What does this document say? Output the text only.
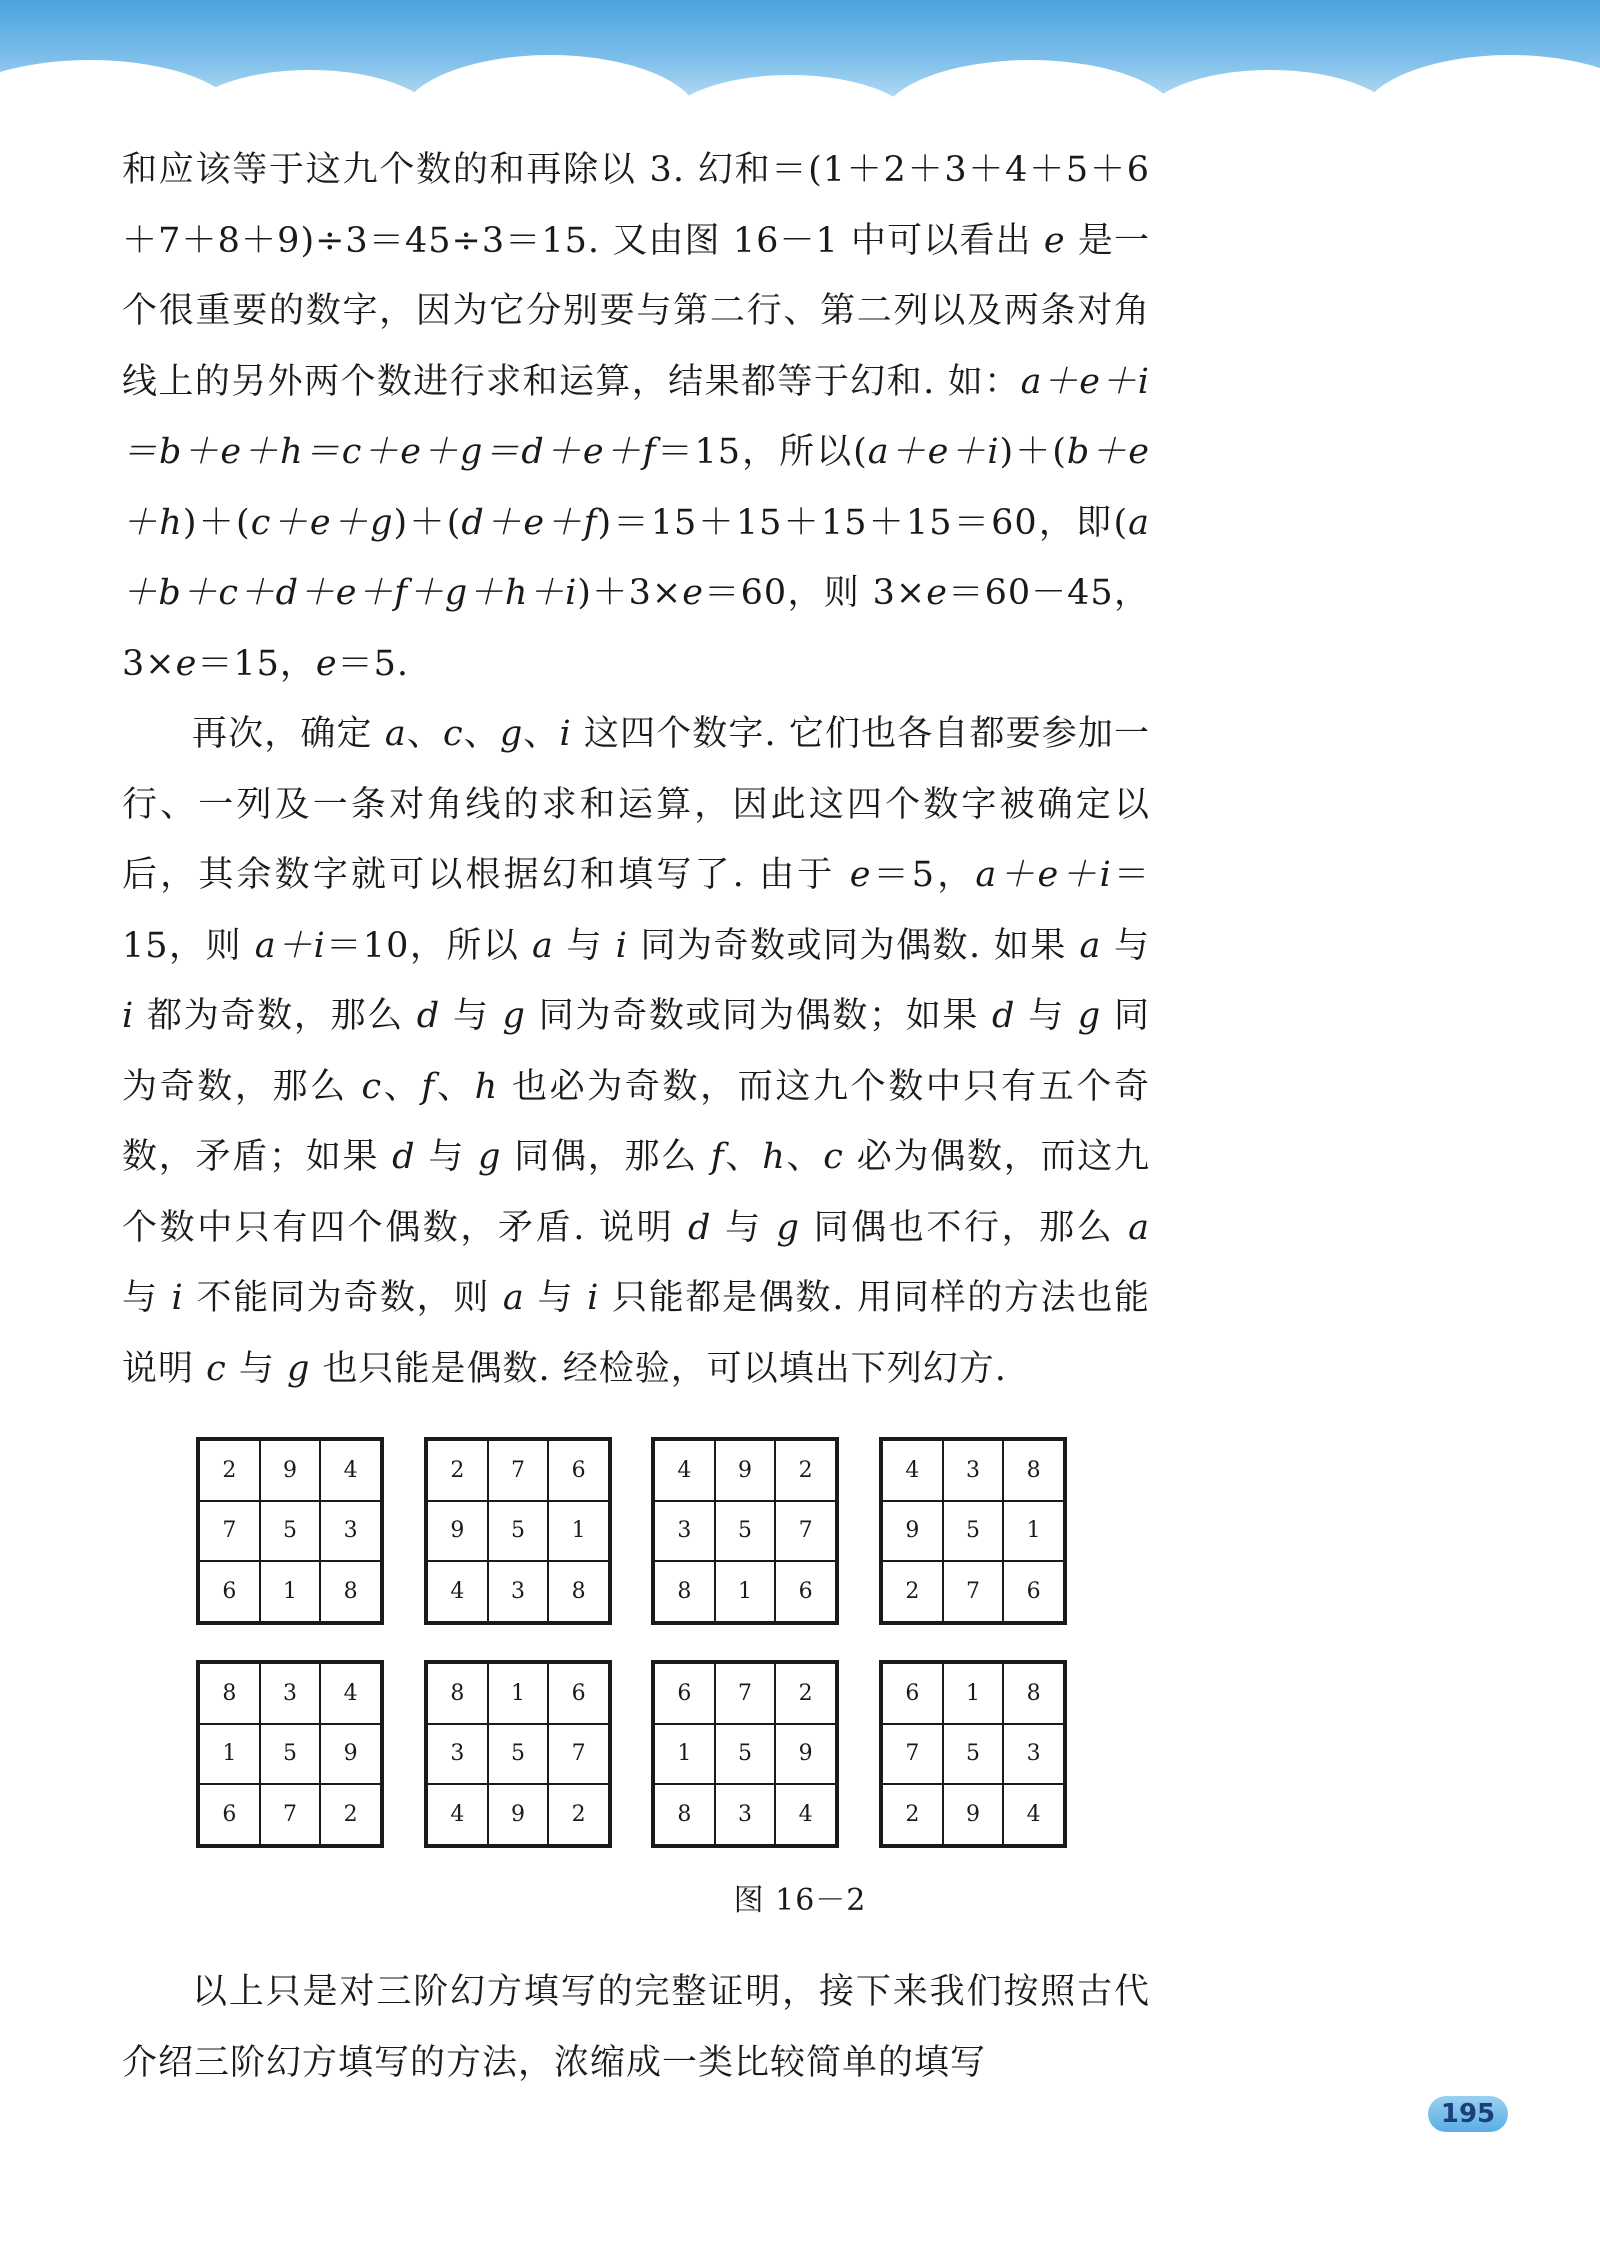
和应该等于这九个数的和再除以 3. 幻和＝(1＋2＋3＋4＋5＋6＋7＋8＋9)÷3＝45÷3＝15. 又由图 16－1 中可以看出 e 是一个很重要的数字，因为它分别要与第二行、第二列以及两条对角线上的另外两个数进行求和运算，结果都等于幻和. 如：a＋e＋i＝b＋e＋h＝c＋e＋g＝d＋e＋f＝15，所以(a＋e＋i)＋(b＋e＋h)＋(c＋e＋g)＋(d＋e＋f)＝15＋15＋15＋15＝60，即(a＋b＋c＋d＋e＋f＋g＋h＋i)＋3×e＝60，则 3×e＝60－45，3×e＝15，e＝5.

再次，确定 a、c、g、i 这四个数字. 它们也各自都要参加一行、一列及一条对角线的求和运算，因此这四个数字被确定以后，其余数字就可以根据幻和填写了. 由于 e＝5，a＋e＋i＝15，则 a＋i＝10，所以 a 与 i 同为奇数或同为偶数. 如果 a 与 i 都为奇数，那么 d 与 g 同为奇数或同为偶数；如果 d 与 g 同为奇数，那么 c、f、h 也必为奇数，而这九个数中只有五个奇数，矛盾；如果 d 与 g 同偶，那么 f、h、c 必为偶数，而这九个数中只有四个偶数，矛盾. 说明 d 与 g 同偶也不行，那么 a 与 i 不能同为奇数，则 a 与 i 只能都是偶数. 用同样的方法也能说明 c 与 g 也只能是偶数. 经检验，可以填出下列幻方.

2	9	4
7	5	3
6	1	8
2	7	6
9	5	1
4	3	8
4	9	2
3	5	7
8	1	6
4	3	8
9	5	1
2	7	6
8	3	4
1	5	9
6	7	2
8	1	6
3	5	7
4	9	2
6	7	2
1	5	9
8	3	4
6	1	8
7	5	3
2	9	4
图 16－2

以上只是对三阶幻方填写的完整证明，接下来我们按照古代介绍三阶幻方填写的方法，浓缩成一类比较简单的填写

195
